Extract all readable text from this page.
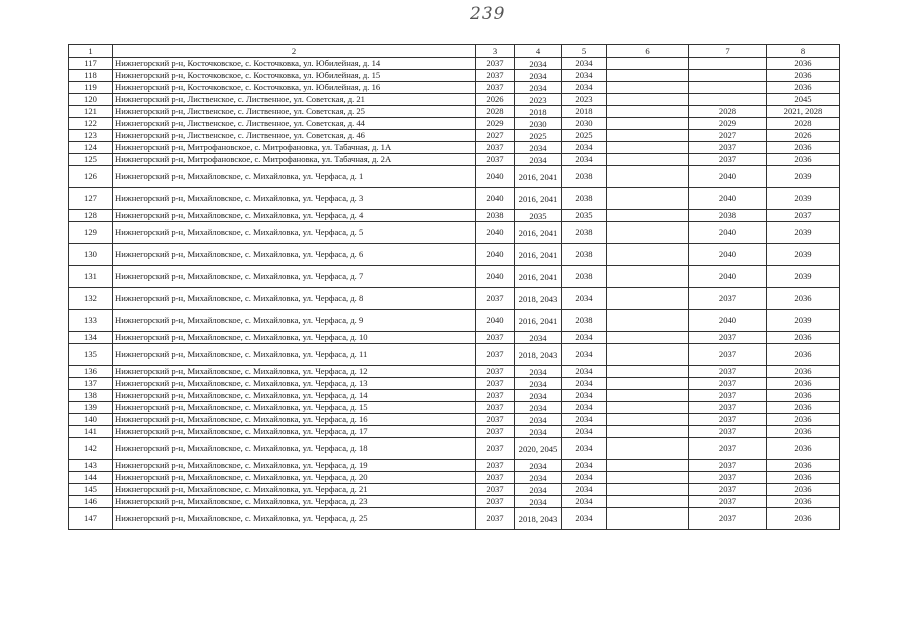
239
1	2	3	4	5	6	7	8
117	Нижнегорский р-н, Косточковское, с. Косточковка, ул. Юбилейная, д. 14	2037	2034	2034			2036
118	Нижнегорский р-н, Косточковское, с. Косточковка, ул. Юбилейная, д. 15	2037	2034	2034			2036
119	Нижнегорский р-н, Косточковское, с. Косточковка, ул. Юбилейная, д. 16	2037	2034	2034			2036
120	Нижнегорский р-н, Лиственское, с. Лиственное, ул. Советская, д. 21	2026	2023	2023			2045
121	Нижнегорский р-н, Лиственское, с. Лиственное, ул. Советская, д. 25	2028	2018	2018		2028	2021, 2028
122	Нижнегорский р-н, Лиственское, с. Лиственное, ул. Советская, д. 44	2029	2030	2030		2029	2028
123	Нижнегорский р-н, Лиственское, с. Лиственное, ул. Советская, д. 46	2027	2025	2025		2027	2026
124	Нижнегорский р-н, Митрофановское, с. Митрофановка, ул. Табачная, д. 1А	2037	2034	2034		2037	2036
125	Нижнегорский р-н, Митрофановское, с. Митрофановка, ул. Табачная, д. 2А	2037	2034	2034		2037	2036
126	Нижнегорский р-н, Михайловское, с. Михайловка, ул. Черфаса, д. 1	2040	2016, 2041	2038		2040	2039
127	Нижнегорский р-н, Михайловское, с. Михайловка, ул. Черфаса, д. 3	2040	2016, 2041	2038		2040	2039
128	Нижнегорский р-н, Михайловское, с. Михайловка, ул. Черфаса, д. 4	2038	2035	2035		2038	2037
129	Нижнегорский р-н, Михайловское, с. Михайловка, ул. Черфаса, д. 5	2040	2016, 2041	2038		2040	2039
130	Нижнегорский р-н, Михайловское, с. Михайловка, ул. Черфаса, д. 6	2040	2016, 2041	2038		2040	2039
131	Нижнегорский р-н, Михайловское, с. Михайловка, ул. Черфаса, д. 7	2040	2016, 2041	2038		2040	2039
132	Нижнегорский р-н, Михайловское, с. Михайловка, ул. Черфаса, д. 8	2037	2018, 2043	2034		2037	2036
133	Нижнегорский р-н, Михайловское, с. Михайловка, ул. Черфаса, д. 9	2040	2016, 2041	2038		2040	2039
134	Нижнегорский р-н, Михайловское, с. Михайловка, ул. Черфаса, д. 10	2037	2034	2034		2037	2036
135	Нижнегорский р-н, Михайловское, с. Михайловка, ул. Черфаса, д. 11	2037	2018, 2043	2034		2037	2036
136	Нижнегорский р-н, Михайловское, с. Михайловка, ул. Черфаса, д. 12	2037	2034	2034		2037	2036
137	Нижнегорский р-н, Михайловское, с. Михайловка, ул. Черфаса, д. 13	2037	2034	2034		2037	2036
138	Нижнегорский р-н, Михайловское, с. Михайловка, ул. Черфаса, д. 14	2037	2034	2034		2037	2036
139	Нижнегорский р-н, Михайловское, с. Михайловка, ул. Черфаса, д. 15	2037	2034	2034		2037	2036
140	Нижнегорский р-н, Михайловское, с. Михайловка, ул. Черфаса, д. 16	2037	2034	2034		2037	2036
141	Нижнегорский р-н, Михайловское, с. Михайловка, ул. Черфаса, д. 17	2037	2034	2034		2037	2036
142	Нижнегорский р-н, Михайловское, с. Михайловка, ул. Черфаса, д. 18	2037	2020, 2045	2034		2037	2036
143	Нижнегорский р-н, Михайловское, с. Михайловка, ул. Черфаса, д. 19	2037	2034	2034		2037	2036
144	Нижнегорский р-н, Михайловское, с. Михайловка, ул. Черфаса, д. 20	2037	2034	2034		2037	2036
145	Нижнегорский р-н, Михайловское, с. Михайловка, ул. Черфаса, д. 21	2037	2034	2034		2037	2036
146	Нижнегорский р-н, Михайловское, с. Михайловка, ул. Черфаса, д. 23	2037	2034	2034		2037	2036
147	Нижнегорский р-н, Михайловское, с. Михайловка, ул. Черфаса, д. 25	2037	2018, 2043	2034		2037	2036
